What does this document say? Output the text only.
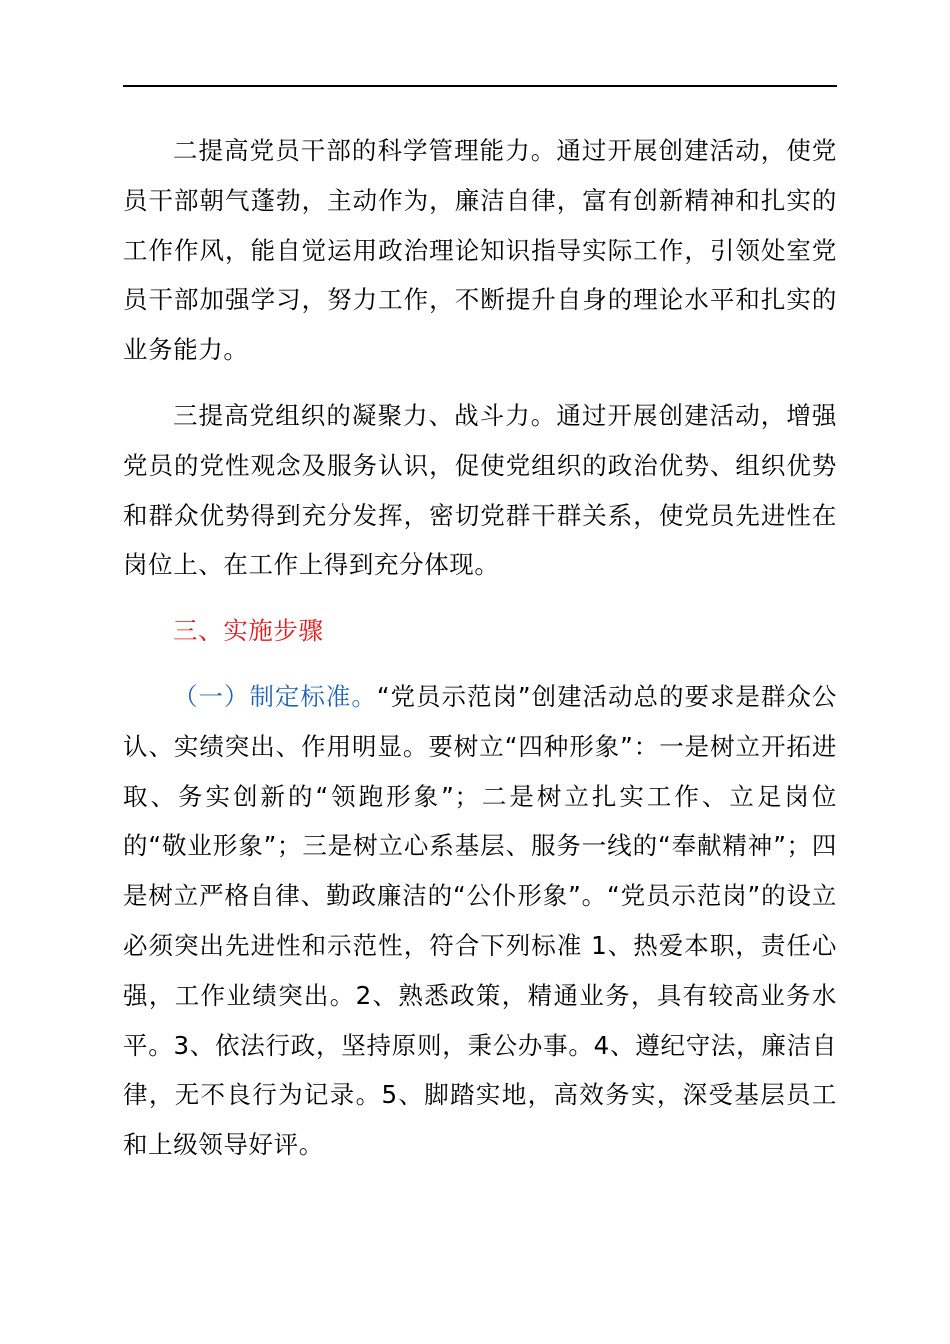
二提高党员干部的科学管理能力。通过开展创建活动，使党员干部朝气蓬勃，主动作为，廉洁自律，富有创新精神和扎实的工作作风，能自觉运用政治理论知识指导实际工作，引领处室党员干部加强学习，努力工作，不断提升自身的理论水平和扎实的业务能力。

三提高党组织的凝聚力、战斗力。通过开展创建活动，增强党员的党性观念及服务认识，促使党组织的政治优势、组织优势和群众优势得到充分发挥，密切党群干群关系，使党员先进性在岗位上、在工作上得到充分体现。

三、实施步骤

（一）制定标准。“党员示范岗”创建活动总的要求是群众公认、实绩突出、作用明显。要树立“四种形象”：一是树立开拓进取、务实创新的“领跑形象”；二是树立扎实工作、立足岗位的“敬业形象”；三是树立心系基层、服务一线的“奉献精神”；四是树立严格自律、勤政廉洁的“公仆形象”。“党员示范岗”的设立必须突出先进性和示范性，符合下列标准 1、热爱本职，责任心强，工作业绩突出。2、熟悉政策，精通业务，具有较高业务水平。3、依法行政，坚持原则，秉公办事。4、遵纪守法，廉洁自律，无不良行为记录。5、脚踏实地，高效务实，深受基层员工和上级领导好评。
